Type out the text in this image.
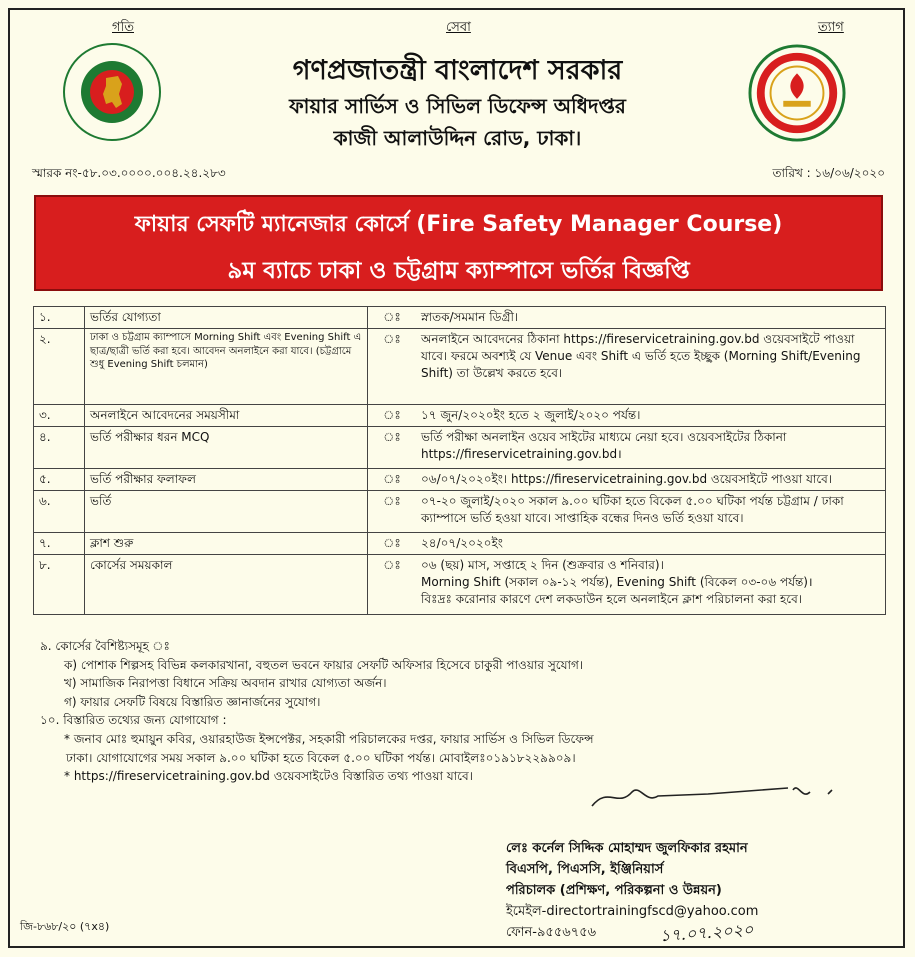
গতি	সেবা	ত্যাগ
গণপ্রজাতন্ত্রী বাংলাদেশ সরকার
ফায়ার সার্ভিস ও সিভিল ডিফেন্স অধিদপ্তর
কাজী আলাউদ্দিন রোড, ঢাকা।
স্মারক নং-৫৮.০৩.০০০০.০০৪.২৪.২৮৩	তারিখ : ১৬/০৬/২০২০
ফায়ার সেফটি ম্যানেজার কোর্সে (Fire Safety Manager Course)
৯ম ব্যাচে ঢাকা ও চট্টগ্রাম ক্যাম্পাসে ভর্তির বিজ্ঞপ্তি
১.	ভর্তির যোগ্যতা	ঃ	স্নাতক/সমমান ডিগ্রী।
২.	ঢাকা ও চট্টগ্রাম ক্যাম্পাসে Morning Shift এবং Evening Shift এ ছাত্র/ছাত্রী ভর্তি করা হবে। আবেদন অনলাইনে করা যাবে। (চট্টগ্রামে শুধু Evening Shift চলমান)	ঃ	অনলাইনে আবেদনের ঠিকানা https://fireservicetraining.gov.bd ওয়েবসাইটে পাওয়া যাবে। ফরমে অবশ্যই যে Venue এবং Shift এ ভর্তি হতে ইচ্ছুক (Morning Shift/Evening Shift) তা উল্লেখ করতে হবে।
৩.	অনলাইনে আবেদনের সময়সীমা	ঃ	১৭ জুন/২০২০ইং হতে ২ জুলাই/২০২০ পর্যন্ত।
৪.	ভর্তি পরীক্ষার ধরন MCQ	ঃ	ভর্তি পরীক্ষা অনলাইন ওয়েব সাইটের মাধ্যমে নেয়া হবে। ওয়েবসাইটের ঠিকানা https://fireservicetraining.gov.bd।
৫.	ভর্তি পরীক্ষার ফলাফল	ঃ	০৬/০৭/২০২০ইং। https://fireservicetraining.gov.bd ওয়েবসাইটে পাওয়া যাবে।
৬.	ভর্তি	ঃ	০৭-২০ জুলাই/২০২০ সকাল ৯.০০ ঘটিকা হতে বিকেল ৫.০০ ঘটিকা পর্যন্ত চট্টগ্রাম / ঢাকা ক্যাম্পাসে ভর্তি হওয়া যাবে। সাপ্তাহিক বন্ধের দিনও ভর্তি হওয়া যাবে।
৭.	ক্লাশ শুরু	ঃ	২৪/০৭/২০২০ইং
৮.	কোর্সের সময়কাল	ঃ	০৬ (ছয়) মাস, সপ্তাহে ২ দিন (শুক্রবার ও শনিবার)।
Morning Shift (সকাল ০৯-১২ পর্যন্ত), Evening Shift (বিকেল ০৩-০৬ পর্যন্ত)।
বিঃদ্রঃ করোনার কারণে দেশ লকডাউন হলে অনলাইনে ক্লাশ পরিচালনা করা হবে।
৯. কোর্সের বৈশিষ্ট্যসমূহ ঃ
ক) পোশাক শিল্পসহ বিভিন্ন কলকারখানা, বহুতল ভবনে ফায়ার সেফটি অফিসার হিসেবে চাকুরী পাওয়ার সুযোগ।
খ) সামাজিক নিরাপত্তা বিধানে সক্রিয় অবদান রাখার যোগ্যতা অর্জন।
গ) ফায়ার সেফটি বিষয়ে বিস্তারিত জ্ঞানার্জনের সুযোগ।
১০. বিস্তারিত তথ্যের জন্য যোগাযোগ :
* জনাব মোঃ হুমায়ুন কবির, ওয়ারহাউজ ইন্সপেক্টর, সহকারী পরিচালকের দপ্তর, ফায়ার সার্ভিস ও সিভিল ডিফেন্স
ঢাকা। যোগাযোগের সময় সকাল ৯.০০ ঘটিকা হতে বিকেল ৫.০০ ঘটিকা পর্যন্ত। মোবাইলঃ০১৯১৮২২৯৯০৯।
* https://fireservicetraining.gov.bd ওয়েবসাইটেও বিস্তারিত তথ্য পাওয়া যাবে।
লেঃ কর্নেল সিদ্দিক মোহাম্মদ জুলফিকার রহমান
বিএসপি, পিএসসি, ইঞ্জিনিয়ার্স
পরিচালক (প্রশিক্ষণ, পরিকল্পনা ও উন্নয়ন)
ইমেইল-directortrainingfscd@yahoo.com
ফোন-৯৫৫৬৭৫৬
জি-৮৬৮/২০ (৭x৪)	১৭.০৭.২০২০
